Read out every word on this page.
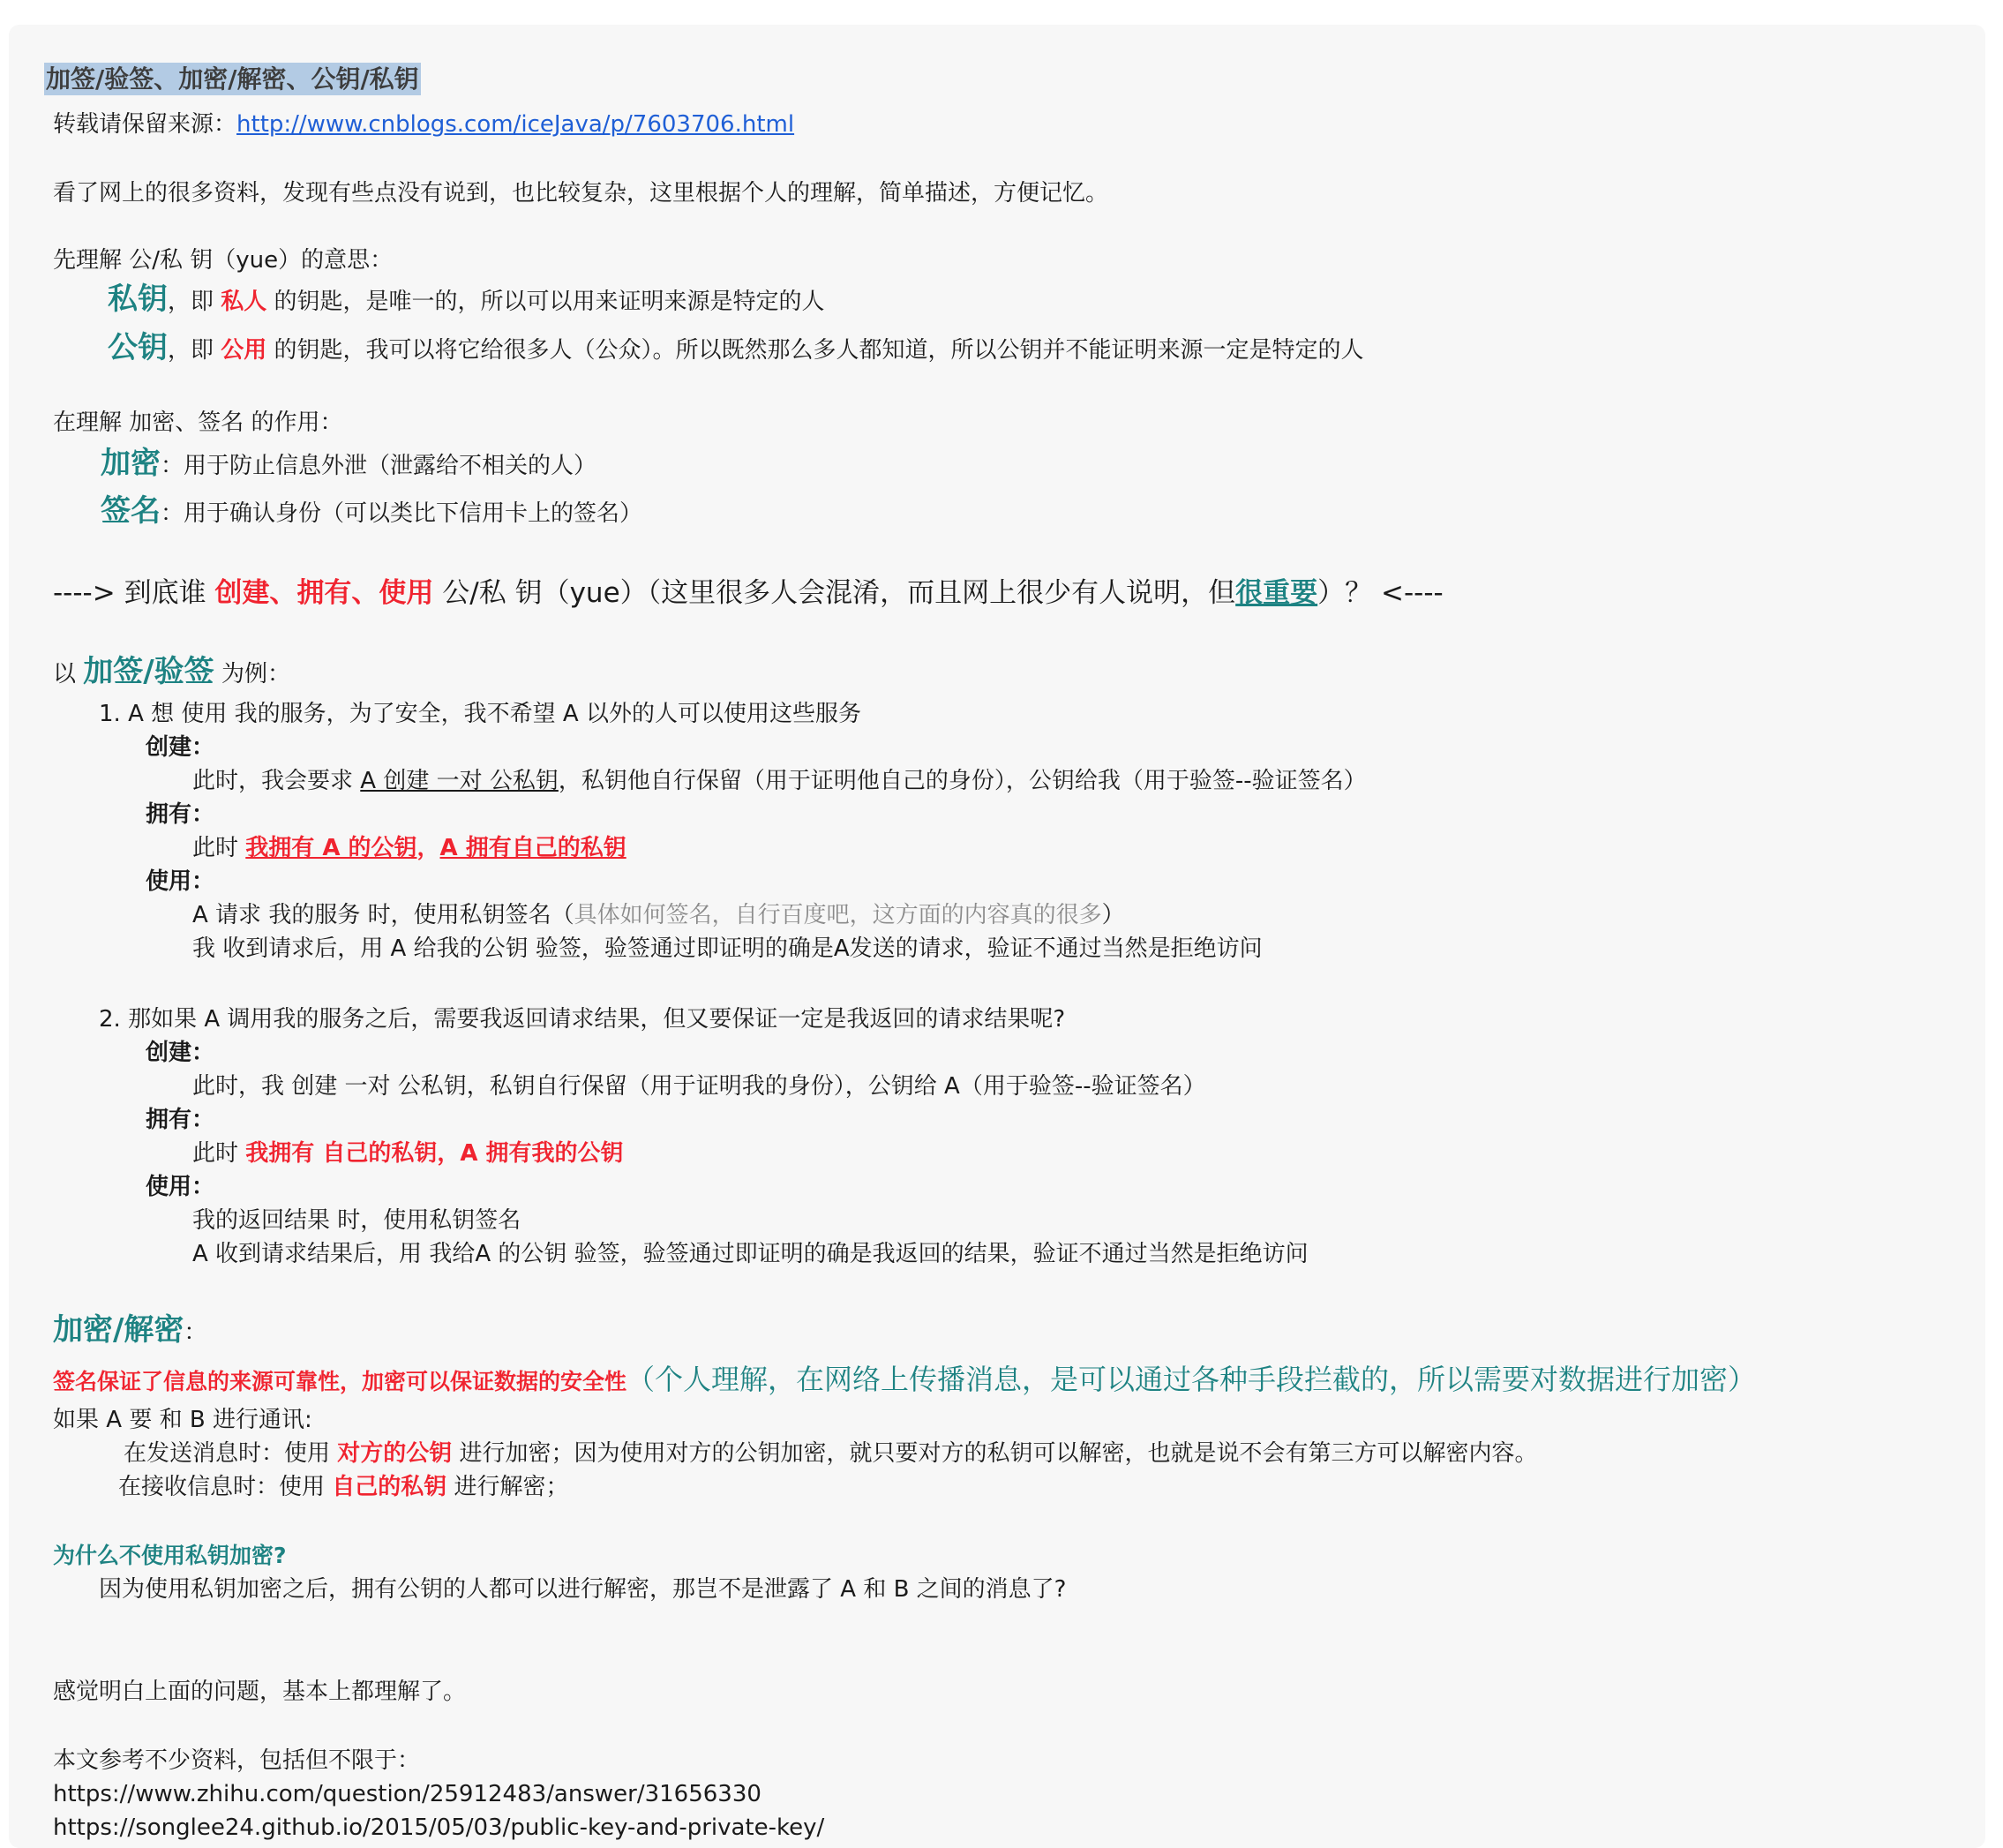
加签/验签、加密/解密、公钥/私钥
转载请保留来源：http://www.cnblogs.com/iceJava/p/7603706.html
看了网上的很多资料，发现有些点没有说到，也比较复杂，这里根据个人的理解，简单描述，方便记忆。
先理解 公/私 钥（yue）的意思：
私钥，即 私人 的钥匙，是唯一的，所以可以用来证明来源是特定的人
公钥，即 公用 的钥匙，我可以将它给很多人（公众）。所以既然那么多人都知道，所以公钥并不能证明来源一定是特定的人
在理解 加密、签名 的作用：
加密：用于防止信息外泄（泄露给不相关的人）
签名：用于确认身份（可以类比下信用卡上的签名）
----> 到底谁 创建、拥有、使用 公/私 钥（yue）（这里很多人会混淆，而且网上很少有人说明，但很重要）？ <----
以 加签/验签 为例：
1. A 想 使用 我的服务，为了安全，我不希望 A 以外的人可以使用这些服务
创建：
此时，我会要求 A 创建 一对 公私钥，私钥他自行保留（用于证明他自己的身份），公钥给我（用于验签--验证签名）
拥有：
此时 我拥有 A 的公钥，A 拥有自己的私钥
使用：
A 请求 我的服务 时，使用私钥签名（具体如何签名，自行百度吧，这方面的内容真的很多）
我 收到请求后，用 A 给我的公钥 验签，验签通过即证明的确是A发送的请求，验证不通过当然是拒绝访问
2. 那如果 A 调用我的服务之后，需要我返回请求结果，但又要保证一定是我返回的请求结果呢?
创建：
此时，我 创建 一对 公私钥，私钥自行保留（用于证明我的身份），公钥给 A（用于验签--验证签名）
拥有：
此时 我拥有 自己的私钥，A 拥有我的公钥
使用：
我的返回结果 时，使用私钥签名
A 收到请求结果后，用 我给A 的公钥 验签，验签通过即证明的确是我返回的结果，验证不通过当然是拒绝访问
加密/解密：
签名保证了信息的来源可靠性，加密可以保证数据的安全性（个人理解，在网络上传播消息，是可以通过各种手段拦截的，所以需要对数据进行加密）
如果 A 要 和 B 进行通讯:
在发送消息时：使用 对方的公钥 进行加密；因为使用对方的公钥加密，就只要对方的私钥可以解密，也就是说不会有第三方可以解密内容。
在接收信息时：使用 自己的私钥 进行解密；
为什么不使用私钥加密?
因为使用私钥加密之后，拥有公钥的人都可以进行解密，那岂不是泄露了 A 和 B 之间的消息了?
感觉明白上面的问题，基本上都理解了。
本文参考不少资料，包括但不限于：
https://www.zhihu.com/question/25912483/answer/31656330
https://songlee24.github.io/2015/05/03/public-key-and-private-key/
